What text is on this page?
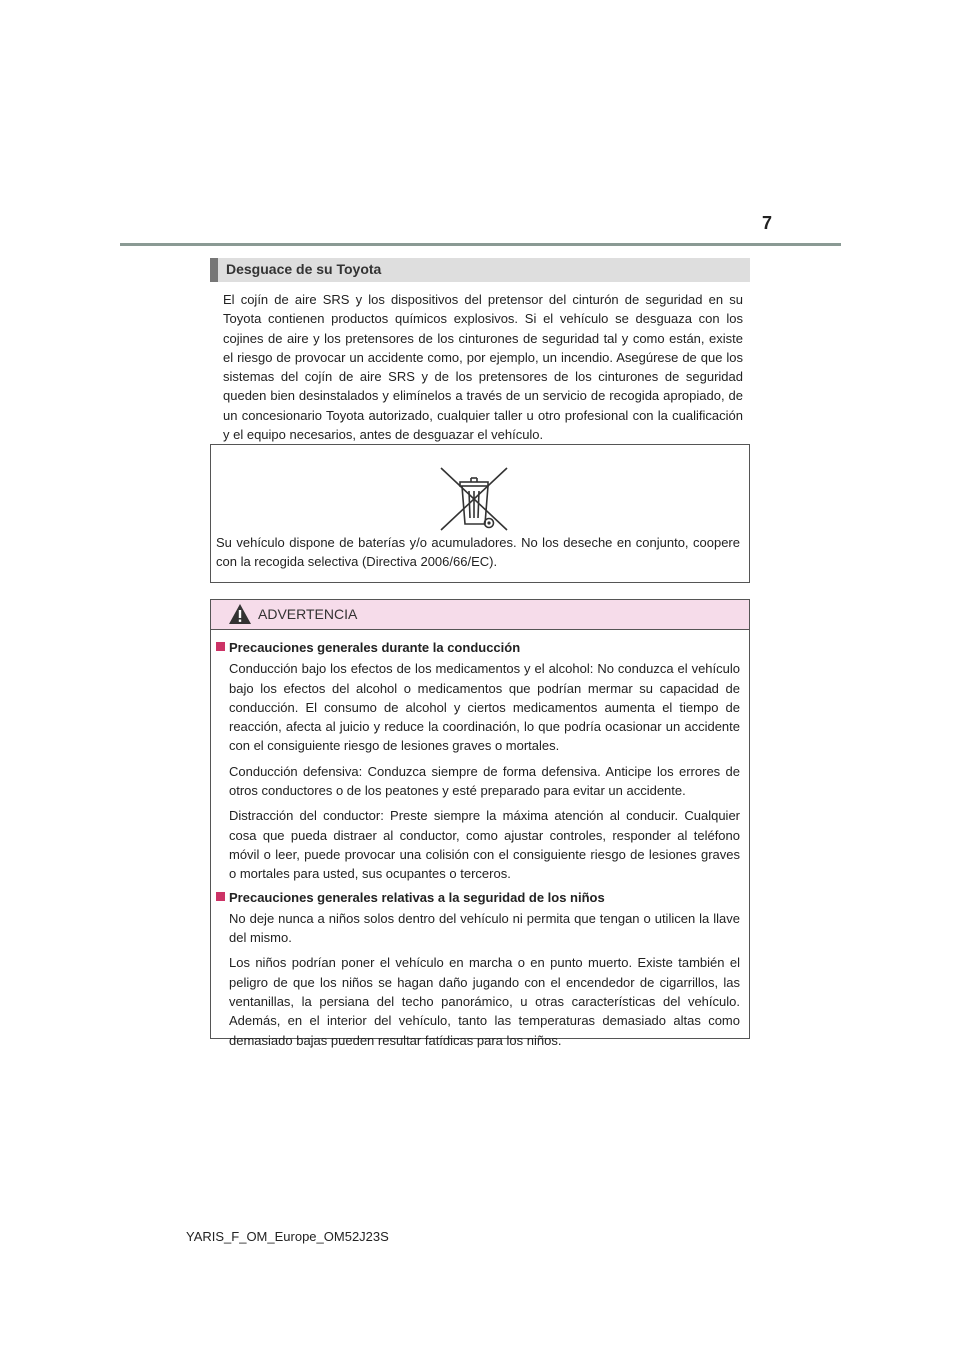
7
Desguace de su Toyota

El cojín de aire SRS y los dispositivos del pretensor del cinturón de seguridad en su Toyota contienen productos químicos explosivos. Si el vehículo se desguaza con los cojines de aire y los pretensores de los cinturones de seguridad tal y como están, existe el riesgo de provocar un accidente como, por ejemplo, un incendio. Asegúrese de que los sistemas del cojín de aire SRS y de los pretensores de los cinturones de seguridad queden bien desinstalados y elimínelos a través de un servicio de recogida apropiado, de un concesionario Toyota autorizado, cualquier taller u otro profesional con la cualificación y el equipo necesarios, antes de desguazar el vehículo.

Su vehículo dispone de baterías y/o acumuladores. No los deseche en conjunto, coopere con la recogida selectiva (Directiva 2006/66/EC).

ADVERTENCIA
Precauciones generales durante la conducción

Conducción bajo los efectos de los medicamentos y el alcohol: No conduzca el vehículo bajo los efectos del alcohol o medicamentos que podrían mermar su capacidad de conducción. El consumo de alcohol y ciertos medicamentos aumenta el tiempo de reacción, afecta al juicio y reduce la coordinación, lo que podría ocasionar un accidente con el consiguiente riesgo de lesiones graves o mortales.

Conducción defensiva: Conduzca siempre de forma defensiva. Anticipe los errores de otros conductores o de los peatones y esté preparado para evitar un accidente.

Distracción del conductor: Preste siempre la máxima atención al conducir. Cualquier cosa que pueda distraer al conductor, como ajustar controles, responder al teléfono móvil o leer, puede provocar una colisión con el consiguiente riesgo de lesiones graves o mortales para usted, sus ocupantes o terceros.

Precauciones generales relativas a la seguridad de los niños

No deje nunca a niños solos dentro del vehículo ni permita que tengan o utilicen la llave del mismo.

Los niños podrían poner el vehículo en marcha o en punto muerto. Existe también el peligro de que los niños se hagan daño jugando con el encendedor de cigarrillos, las ventanillas, la persiana del techo panorámico, u otras características del vehículo. Además, en el interior del vehículo, tanto las temperaturas demasiado altas como demasiado bajas pueden resultar fatídicas para los niños.

YARIS_F_OM_Europe_OM52J23S
